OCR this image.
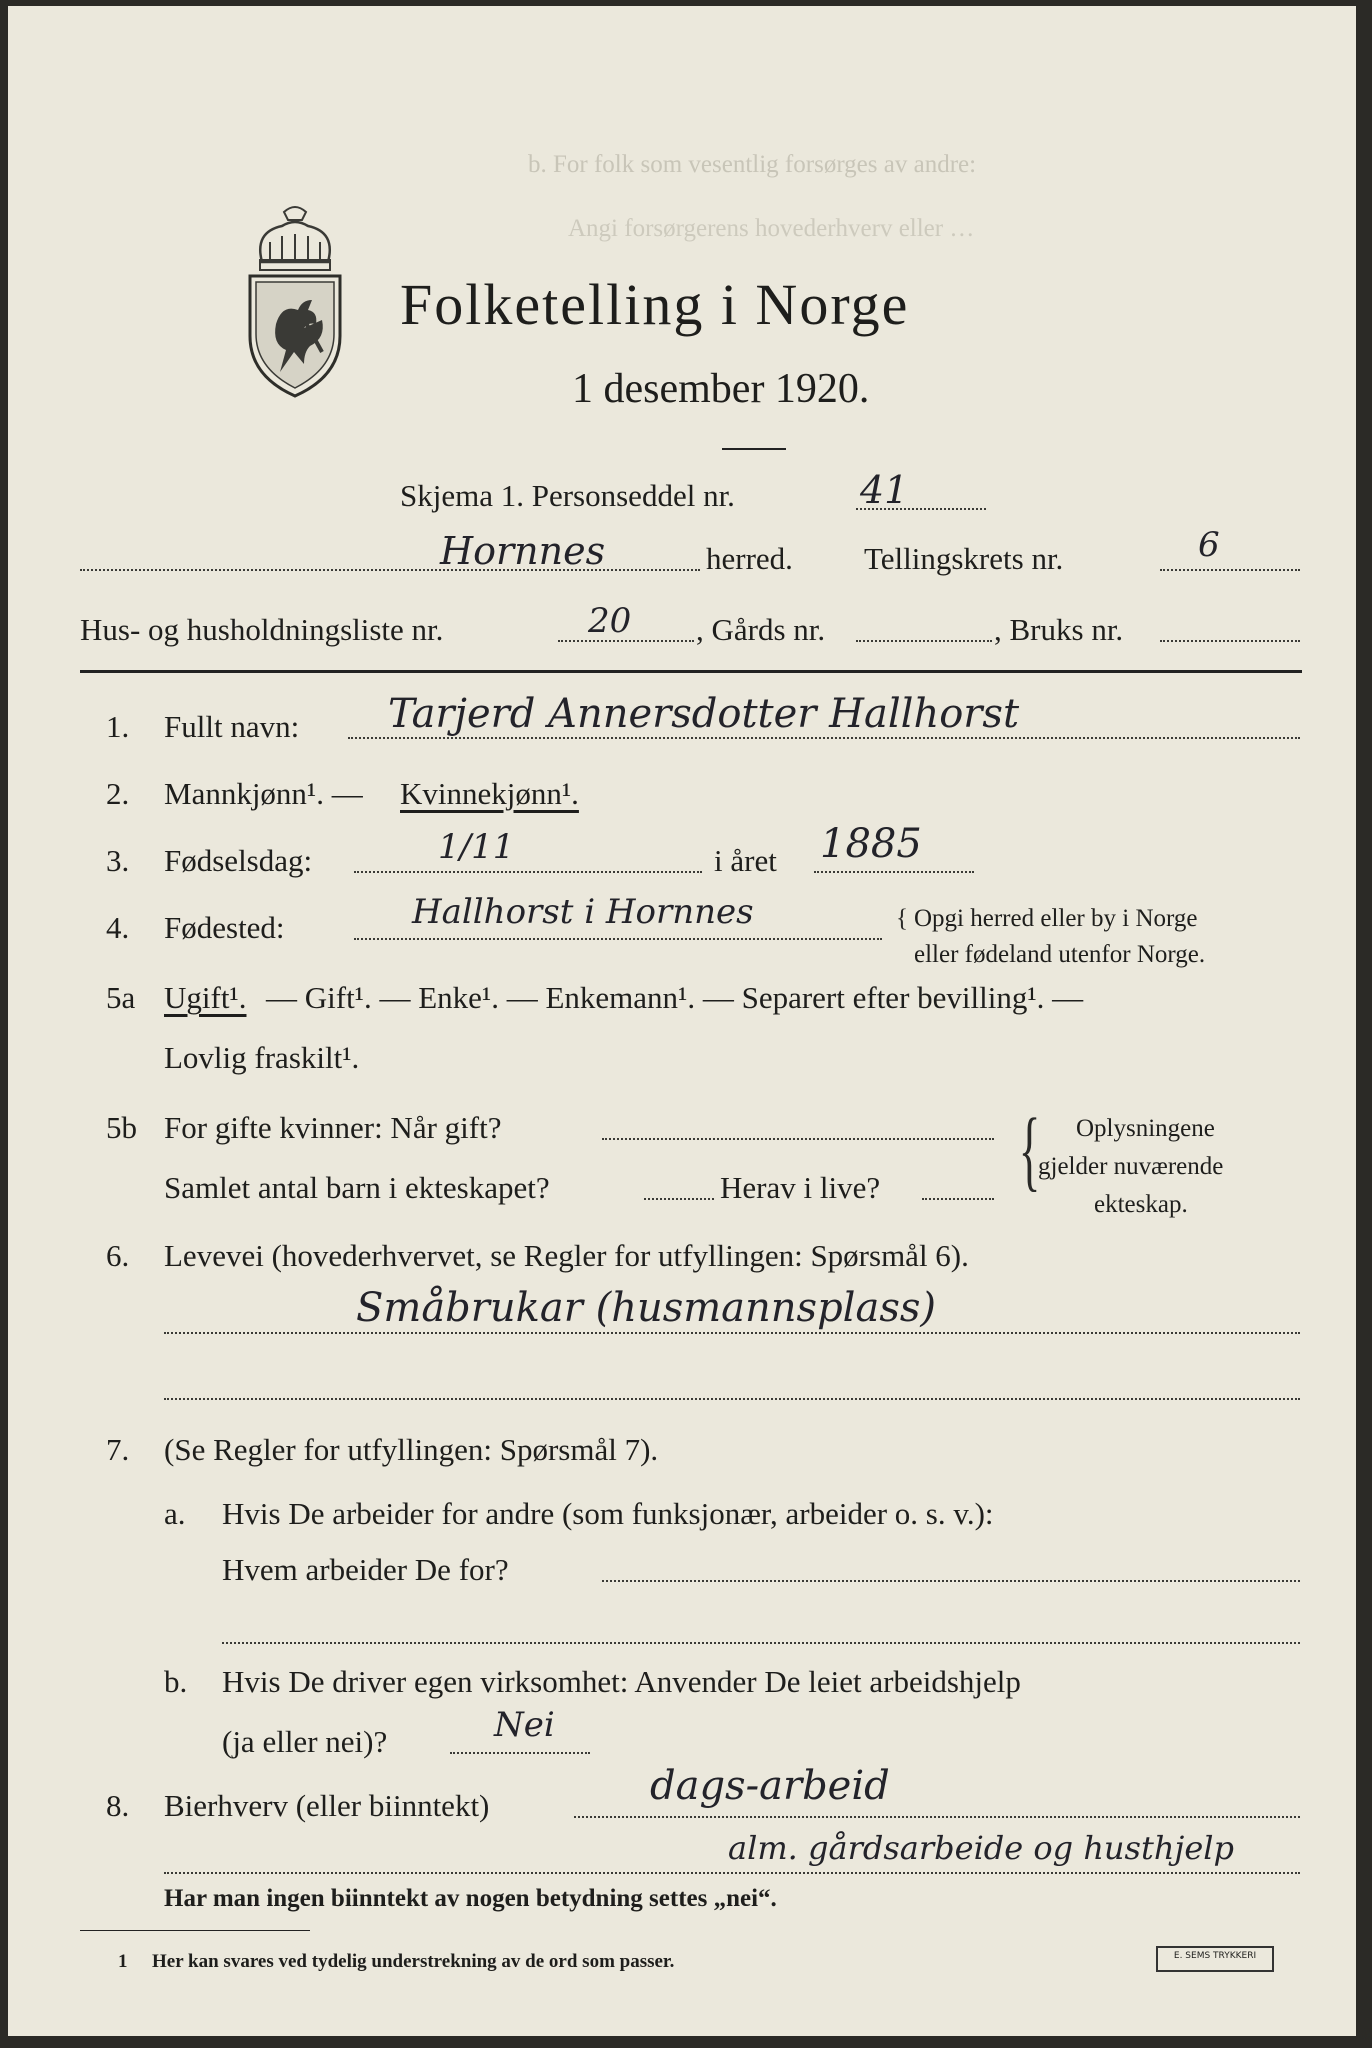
b. For folk som vesentlig forsørges av andre:
Angi forsørgerens hovederhverv eller …
Folketelling i Norge
1 desember 1920.
Skjema 1. Personseddel nr.	41
Hornnes	herred. Tellingskrets nr.	6
Hus- og husholdningsliste nr.	20 , Gårds nr.	, Bruks nr.
1. Fullt navn: Tarjerd Annersdotter Hallhorst
2. Mannkjønn¹. — Kvinnekjønn¹.
3. Fødselsdag:	1/11	i året 1885
4. Fødested:	Hallhorst i Hornnes	{ Opgi herred eller by i Norge
eller fødeland utenfor Norge.
5a Ugift¹. — Gift¹. — Enke¹. — Enkemann¹. — Separert efter bevilling¹. —
Lovlig fraskilt¹.
5b For gifte kvinner: Når gift?
Samlet antal barn i ekteskapet?	Herav i live? { Oplysningene
gjelder nuværende
ekteskap.
6. Levevei (hovederhvervet, se Regler for utfyllingen: Spørsmål 6).
Småbrukar (husmannsplass)
7. (Se Regler for utfyllingen: Spørsmål 7).
a. Hvis De arbeider for andre (som funksjonær, arbeider o. s. v.):
Hvem arbeider De for?
b. Hvis De driver egen virksomhet: Anvender De leiet arbeidshjelp
(ja eller nei)?	Nei
8. Bierhverv (eller biinntekt)	dags-arbeid
alm. gårdsarbeide og husthjelp
Har man ingen biinntekt av nogen betydning settes „nei“.
1 Her kan svares ved tydelig understrekning av de ord som passer.	E. SEMS TRYKKERI
